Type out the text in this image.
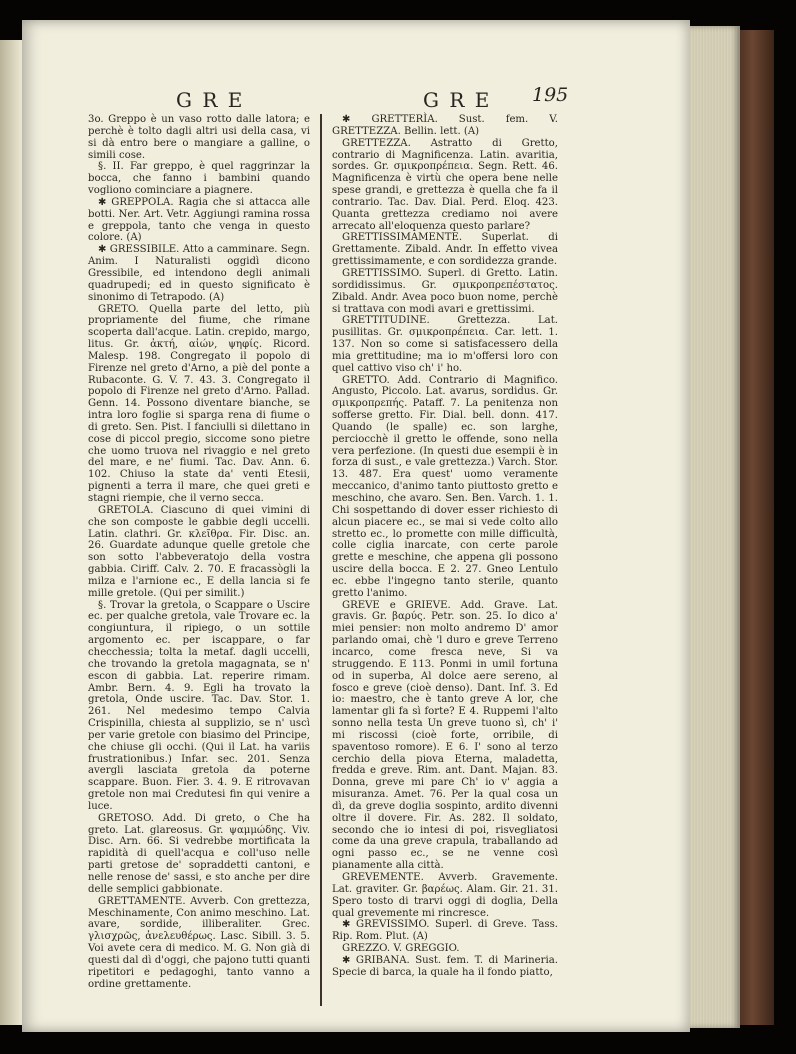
G R E	G R E 195

3o. Greppo è un vaso rotto dalle latora; e perchè è tolto dagli altri usi della casa, vi si dà entro bere o mangiare a galline, o simili cose.

§. II. Far greppo, è quel raggrinzar la bocca, che fanno i bambini quando vogliono cominciare a piagnere.

✱ GREPPOLA. Ragia che si attacca alle botti. Ner. Art. Vetr. Aggiungi ramina rossa e greppola, tanto che venga in questo colore. (A)

✱ GRESSIBILE. Atto a camminare. Segn. Anim. I Naturalisti oggidì dicono Gressibile, ed intendono degli animali quadrupedi; ed in questo significato è sinonimo di Tetrapodo. (A)

GRETO. Quella parte del letto, più propriamente del fiume, che rimane scoperta dall'acque. Latin. crepido, margo, litus. Gr. ἀκτή, αἰών, ψηφίς. Ricord. Malesp. 198. Congregato il popolo di Firenze nel greto d'Arno, a piè del ponte a Rubaconte. G. V. 7. 43. 3. Congregato il popolo di Firenze nel greto d'Arno. Pallad. Genn. 14. Possono diventare bianche, se intra loro foglie si sparga rena di fiume o di greto. Sen. Pist. I fanciulli si dilettano in cose di piccol pregio, siccome sono pietre che uomo truova nel rivaggio e nel greto del mare, e ne' fiumi. Tac. Dav. Ann. 6. 102. Chiuso la state da' venti Etesii, pignenti a terra il mare, che quei greti e stagni riempie, che il verno secca.

GRETOLA. Ciascuno di quei vimini di che son composte le gabbie degli uccelli. Latin. clathri. Gr. κλεῖθρα. Fir. Disc. an. 26. Guardate adunque quelle gretole che son sotto l'abbeveratojo della vostra gabbia. Ciriff. Calv. 2. 70. E fracassògli la milza e l'arnione ec., E della lancia si fe mille gretole. (Qui per similit.)

§. Trovar la gretola, o Scappare o Uscire ec. per qualche gretola, vale Trovare ec. la congiuntura, il ripiego, o un sottile argomento ec. per iscappare, o far checchessia; tolta la metaf. dagli uccelli, che trovando la gretola magagnata, se n' escon di gabbia. Lat. reperire rimam. Ambr. Bern. 4. 9. Egli ha trovato la gretola, Onde uscire. Tac. Dav. Stor. 1. 261. Nel medesimo tempo Calvia Crispinilla, chiesta al supplizio, se n' uscì per varie gretole con biasimo del Principe, che chiuse gli occhi. (Qui il Lat. ha variis frustrationibus.) Infar. sec. 201. Senza avergli lasciata gretola da poterne scappare. Buon. Fier. 3. 4. 9. E ritrovavan gretole non mai Credutesi fin qui venire a luce.

GRETOSO. Add. Di greto, o Che ha greto. Lat. glareosus. Gr. ψαμμώδης. Viv. Disc. Arn. 66. Si vedrebbe mortificata la rapidità di quell'acqua e coll'uso nelle parti gretose de' sopraddetti cantoni, e nelle renose de' sassi, e sto anche per dire delle semplici gabbionate.

GRETTAMENTE. Avverb. Con grettezza, Meschinamente, Con animo meschino. Lat. avare, sordide, illiberaliter. Grec. γλισχρῶς, ἀνελευθέρως. Lasc. Sibill. 3. 5. Voi avete cera di medico. M. G. Non già di questi dal dì d'oggi, che pajono tutti quanti ripetitori e pedagoghi, tanto vanno a ordine grettamente.

✱ GRETTERÌA. Sust. fem. V. GRETTEZZA. Bellin. lett. (A)

GRETTEZZA. Astratto di Gretto, contrario di Magnificenza. Latin. avaritia, sordes. Gr. σμικροπρέπεια. Segn. Rett. 46. Magnificenza è virtù che opera bene nelle spese grandi, e grettezza è quella che fa il contrario. Tac. Dav. Dial. Perd. Eloq. 423. Quanta grettezza crediamo noi avere arrecato all'eloquenza questo parlare?

GRETTISSIMAMENTE. Superlat. di Grettamente. Zibald. Andr. In effetto vivea grettissimamente, e con sordidezza grande.

GRETTISSIMO. Superl. di Gretto. Latin. sordidissimus. Gr. σμικροπρεπέστατος. Zibald. Andr. Avea poco buon nome, perchè si trattava con modi avari e grettissimi.

GRETTITUDINE. Grettezza. Lat. pusillitas. Gr. σμικροπρέπεια. Car. lett. 1. 137. Non so come si satisfacessero della mia grettitudine; ma io m'offersi loro con quel cattivo viso ch' i' ho.

GRETTO. Add. Contrario di Magnifico. Angusto, Piccolo. Lat. avarus, sordidus. Gr. σμικροπρεπής. Pataff. 7. La penitenza non sofferse gretto. Fir. Dial. bell. donn. 417. Quando (le spalle) ec. son larghe, perciocchè il gretto le offende, sono nella vera perfezione. (In questi due esempii è in forza di sust., e vale grettezza.) Varch. Stor. 13. 487. Era quest' uomo veramente meccanico, d'animo tanto piuttosto gretto e meschino, che avaro. Sen. Ben. Varch. 1. 1. Chi sospettando di dover esser richiesto di alcun piacere ec., se mai si vede colto allo stretto ec., lo promette con mille difficultà, colle ciglia inarcate, con certe parole grette e meschine, che appena gli possono uscire della bocca. E 2. 27. Gneo Lentulo ec. ebbe l'ingegno tanto sterile, quanto gretto l'animo.

GREVE e GRIEVE. Add. Grave. Lat. gravis. Gr. βαρύς. Petr. son. 25. Io dico a' miei pensier: non molto andremo D' amor parlando omai, chè 'l duro e greve Terreno incarco, come fresca neve, Si va struggendo. E 113. Ponmi in umil fortuna od in superba, Al dolce aere sereno, al fosco e greve (cioè denso). Dant. Inf. 3. Ed io: maestro, che è tanto greve A lor, che lamentar gli fa sì forte? E 4. Ruppemi l'alto sonno nella testa Un greve tuono sì, ch' i' mi riscossi (cioè forte, orribile, di spaventoso romore). E 6. I' sono al terzo cerchio della piova Eterna, maladetta, fredda e greve. Rim. ant. Dant. Majan. 83. Donna, greve mi pare Ch' io v' aggia a misuranza. Amet. 76. Per la qual cosa un dì, da greve doglia sospinto, ardito divenni oltre il dovere. Fir. As. 282. Il soldato, secondo che io intesi di poi, risvegliatosi come da una greve crapula, traballando ad ogni passo ec., se ne venne così pianamente alla città.

GREVEMENTE. Avverb. Gravemente. Lat. graviter. Gr. βαρέως. Alam. Gir. 21. 31. Spero tosto di trarvi oggi di doglia, Della qual grevemente mi rincresce.

✱ GREVISSIMO. Superl. di Greve. Tass. Rip. Rom. Plut. (A)

GREZZO. V. GREGGIO.

✱ GRIBANA. Sust. fem. T. di Marineria. Specie di barca, la quale ha il fondo piatto,
